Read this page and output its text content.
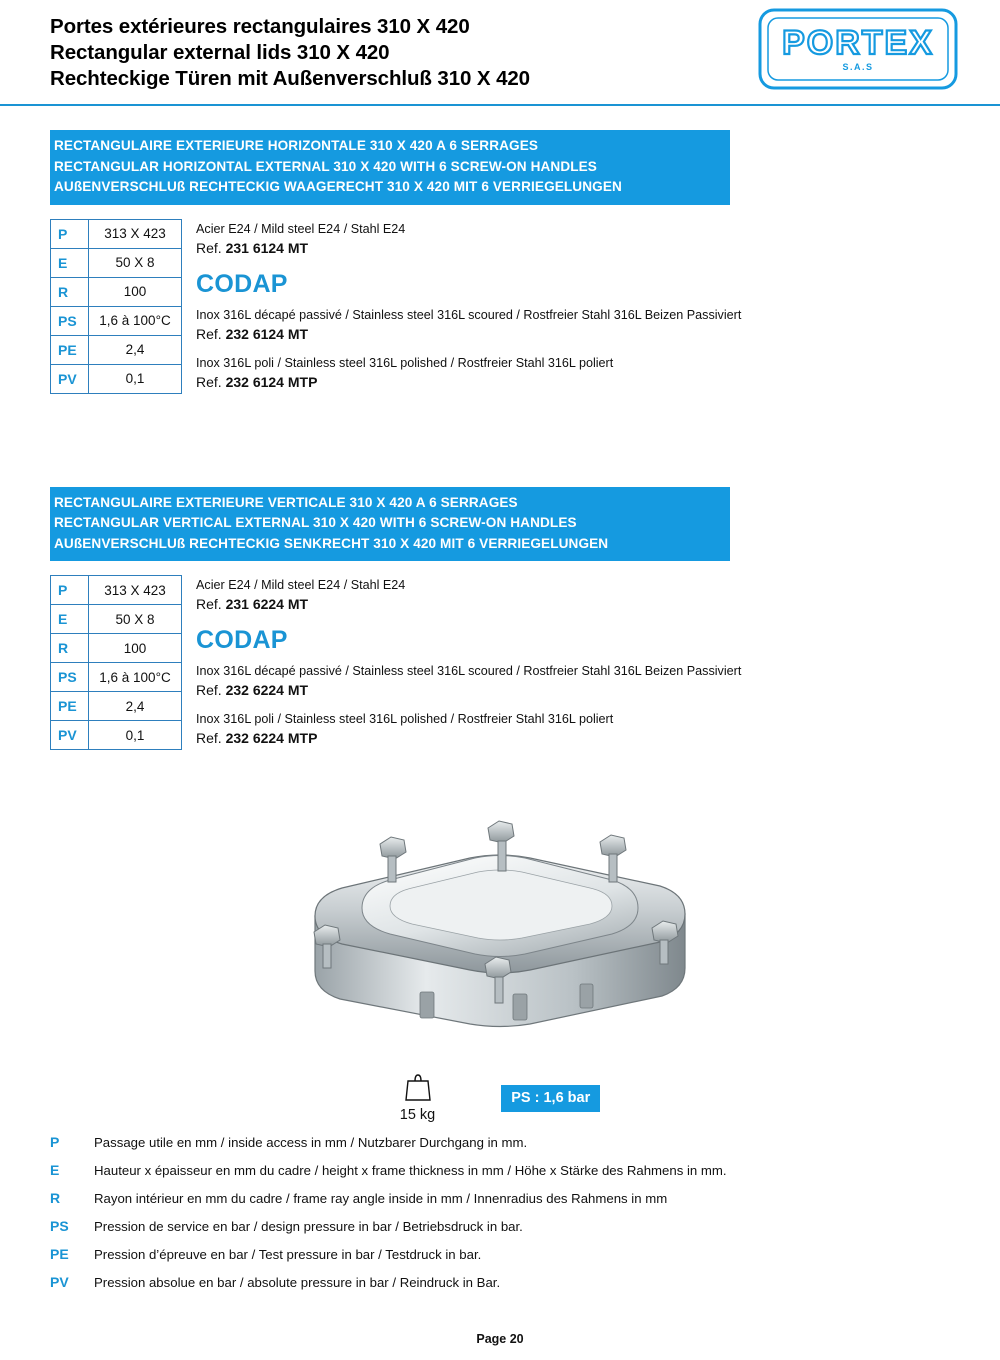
Portes extérieures rectangulaires 310 X 420
Rectangular external lids 310 X 420
Rechteckige Türen mit Außenverschluß 310 X 420
PORTEX
S.A.S
RECTANGULAIRE EXTERIEURE HORIZONTALE 310 X 420 A 6 SERRAGES
RECTANGULAR HORIZONTAL EXTERNAL 310 X 420 WITH 6 SCREW-ON HANDLES
AUßENVERSCHLUß RECHTECKIG WAAGERECHT 310 X 420 MIT 6 VERRIEGELUNGEN
P	313 X 423
E	50 X 8
R	100
PS	1,6 à 100°C
PE	2,4
PV	0,1
Acier E24 / Mild steel E24 / Stahl E24
Ref. 231 6124 MT
CODAP
Inox 316L décapé passivé / Stainless steel 316L scoured / Rostfreier Stahl 316L Beizen Passiviert
Ref. 232 6124 MT
Inox 316L poli / Stainless steel 316L polished / Rostfreier Stahl 316L poliert
Ref. 232 6124 MTP
RECTANGULAIRE EXTERIEURE VERTICALE 310 X 420 A 6 SERRAGES
RECTANGULAR VERTICAL EXTERNAL 310 X 420 WITH 6 SCREW-ON HANDLES
AUßENVERSCHLUß RECHTECKIG SENKRECHT 310 X 420 MIT 6 VERRIEGELUNGEN
P	313 X 423
E	50 X 8
R	100
PS	1,6 à 100°C
PE	2,4
PV	0,1
Acier E24 / Mild steel E24 / Stahl E24
Ref. 231 6224 MT
CODAP
Inox 316L décapé passivé / Stainless steel 316L scoured / Rostfreier Stahl 316L Beizen Passiviert
Ref. 232 6224 MT
Inox 316L poli / Stainless steel 316L polished / Rostfreier Stahl 316L poliert
Ref. 232 6224 MTP
15 kg
PS : 1,6 bar
P	Passage utile en mm / inside access in mm / Nutzbarer Durchgang in mm.
E	Hauteur x épaisseur en mm du cadre / height x frame thickness in mm / Höhe x Stärke des Rahmens in mm.
R	Rayon intérieur en mm du cadre / frame ray angle inside in mm / Innenradius des Rahmens in mm
PS	Pression de service en bar / design pressure in bar / Betriebsdruck in bar.
PE	Pression d’épreuve en bar / Test pressure in bar / Testdruck in bar.
PV	Pression absolue en bar / absolute pressure in bar / Reindruck in Bar.
Page 20
